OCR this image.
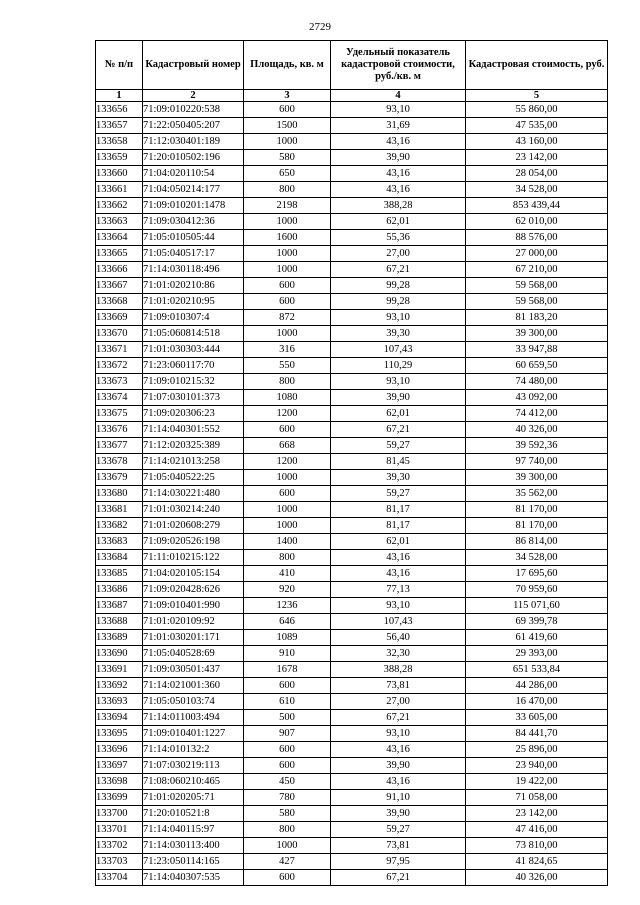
2729
№ п/п	Кадастровый номер	Площадь, кв. м	Удельный показатель кадастровой стоимости, руб./кв. м	Кадастровая стоимость, руб.

1	2	3	4	5
133656	71:09:010220:538	600	93,10	55 860,00
133657	71:22:050405:207	1500	31,69	47 535,00
133658	71:12:030401:189	1000	43,16	43 160,00
133659	71:20:010502:196	580	39,90	23 142,00
133660	71:04:020110:54	650	43,16	28 054,00
133661	71:04:050214:177	800	43,16	34 528,00
133662	71:09:010201:1478	2198	388,28	853 439,44
133663	71:09:030412:36	1000	62,01	62 010,00
133664	71:05:010505:44	1600	55,36	88 576,00
133665	71:05:040517:17	1000	27,00	27 000,00
133666	71:14:030118:496	1000	67,21	67 210,00
133667	71:01:020210:86	600	99,28	59 568,00
133668	71:01:020210:95	600	99,28	59 568,00
133669	71:09:010307:4	872	93,10	81 183,20
133670	71:05:060814:518	1000	39,30	39 300,00
133671	71:01:030303:444	316	107,43	33 947,88
133672	71:23:060117:70	550	110,29	60 659,50
133673	71:09:010215:32	800	93,10	74 480,00
133674	71:07:030101:373	1080	39,90	43 092,00
133675	71:09:020306:23	1200	62,01	74 412,00
133676	71:14:040301:552	600	67,21	40 326,00
133677	71:12:020325:389	668	59,27	39 592,36
133678	71:14:021013:258	1200	81,45	97 740,00
133679	71:05:040522:25	1000	39,30	39 300,00
133680	71:14:030221:480	600	59,27	35 562,00
133681	71:01:030214:240	1000	81,17	81 170,00
133682	71:01:020608:279	1000	81,17	81 170,00
133683	71:09:020526:198	1400	62,01	86 814,00
133684	71:11:010215:122	800	43,16	34 528,00
133685	71:04:020105:154	410	43,16	17 695,60
133686	71:09:020428:626	920	77,13	70 959,60
133687	71:09:010401:990	1236	93,10	115 071,60
133688	71:01:020109:92	646	107,43	69 399,78
133689	71:01:030201:171	1089	56,40	61 419,60
133690	71:05:040528:69	910	32,30	29 393,00
133691	71:09:030501:437	1678	388,28	651 533,84
133692	71:14:021001:360	600	73,81	44 286,00
133693	71:05:050103:74	610	27,00	16 470,00
133694	71:14:011003:494	500	67,21	33 605,00
133695	71:09:010401:1227	907	93,10	84 441,70
133696	71:14:010132:2	600	43,16	25 896,00
133697	71:07:030219:113	600	39,90	23 940,00
133698	71:08:060210:465	450	43,16	19 422,00
133699	71:01:020205:71	780	91,10	71 058,00
133700	71:20:010521:8	580	39,90	23 142,00
133701	71:14:040115:97	800	59,27	47 416,00
133702	71:14:030113:400	1000	73,81	73 810,00
133703	71:23:050114:165	427	97,95	41 824,65
133704	71:14:040307:535	600	67,21	40 326,00
